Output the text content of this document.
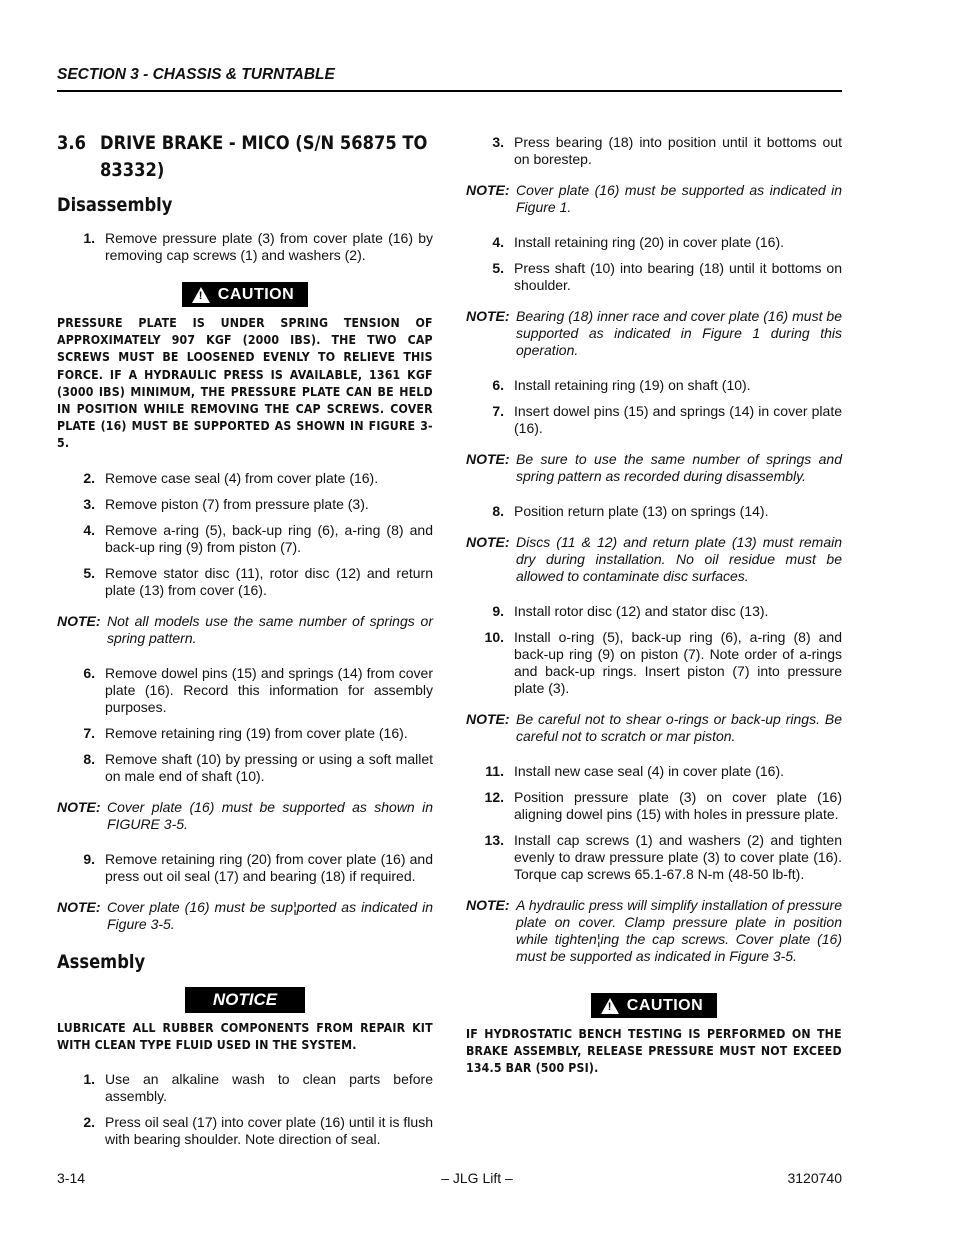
SECTION 3 - CHASSIS & TURNTABLE
3.6 DRIVE BRAKE - MICO (S/N 56875 TO 83332)
Disassembly
1. Remove pressure plate (3) from cover plate (16) by removing cap screws (1) and washers (2).
! CAUTION
PRESSURE PLATE IS UNDER SPRING TENSION OF APPROXIMATELY 907 KGF (2000 IBS). THE TWO CAP SCREWS MUST BE LOOSENED EVENLY TO RELIEVE THIS FORCE. IF A HYDRAULIC PRESS IS AVAILABLE, 1361 KGF (3000 IBS) MINIMUM, THE PRESSURE PLATE CAN BE HELD IN POSITION WHILE REMOVING THE CAP SCREWS. COVER PLATE (16) MUST BE SUPPORTED AS SHOWN IN FIGURE 3-5.
2. Remove case seal (4) from cover plate (16).
3. Remove piston (7) from pressure plate (3).
4. Remove a-ring (5), back-up ring (6), a-ring (8) and back-up ring (9) from piston (7).
5. Remove stator disc (11), rotor disc (12) and return plate (13) from cover (16).
NOTE: Not all models use the same number of springs or spring pattern.
6. Remove dowel pins (15) and springs (14) from cover plate (16). Record this information for assembly purposes.
7. Remove retaining ring (19) from cover plate (16).
8. Remove shaft (10) by pressing or using a soft mallet on male end of shaft (10).
NOTE: Cover plate (16) must be supported as shown in FIGURE 3-5.
9. Remove retaining ring (20) from cover plate (16) and press out oil seal (17) and bearing (18) if required.
NOTE: Cover plate (16) must be sup¦ported as indicated in Figure 3-5.
Assembly
NOTICE
LUBRICATE ALL RUBBER COMPONENTS FROM REPAIR KIT WITH CLEAN TYPE FLUID USED IN THE SYSTEM.
1. Use an alkaline wash to clean parts before assembly.
2. Press oil seal (17) into cover plate (16) until it is flush with bearing shoulder. Note direction of seal.
3. Press bearing (18) into position until it bottoms out on borestep.
NOTE: Cover plate (16) must be supported as indicated in Figure 1.
4. Install retaining ring (20) in cover plate (16).
5. Press shaft (10) into bearing (18) until it bottoms on shoulder.
NOTE: Bearing (18) inner race and cover plate (16) must be supported as indicated in Figure 1 during this operation.
6. Install retaining ring (19) on shaft (10).
7. Insert dowel pins (15) and springs (14) in cover plate (16).
NOTE: Be sure to use the same number of springs and spring pattern as recorded during disassembly.
8. Position return plate (13) on springs (14).
NOTE: Discs (11 & 12) and return plate (13) must remain dry during installation. No oil residue must be allowed to contaminate disc surfaces.
9. Install rotor disc (12) and stator disc (13).
10. Install o-ring (5), back-up ring (6), a-ring (8) and back-up ring (9) on piston (7). Note order of a-rings and back-up rings. Insert piston (7) into pressure plate (3).
NOTE: Be careful not to shear o-rings or back-up rings. Be careful not to scratch or mar piston.
11. Install new case seal (4) in cover plate (16).
12. Position pressure plate (3) on cover plate (16) aligning dowel pins (15) with holes in pressure plate.
13. Install cap screws (1) and washers (2) and tighten evenly to draw pressure plate (3) to cover plate (16). Torque cap screws 65.1-67.8 N-m (48-50 lb-ft).
NOTE: A hydraulic press will simplify installation of pressure plate on cover. Clamp pressure plate in position while tighten¦ing the cap screws. Cover plate (16) must be supported as indicated in Figure 3-5.
! CAUTION
IF HYDROSTATIC BENCH TESTING IS PERFORMED ON THE BRAKE ASSEMBLY, RELEASE PRESSURE MUST NOT EXCEED 134.5 BAR (500 PSI).
3-14	– JLG Lift –	3120740
